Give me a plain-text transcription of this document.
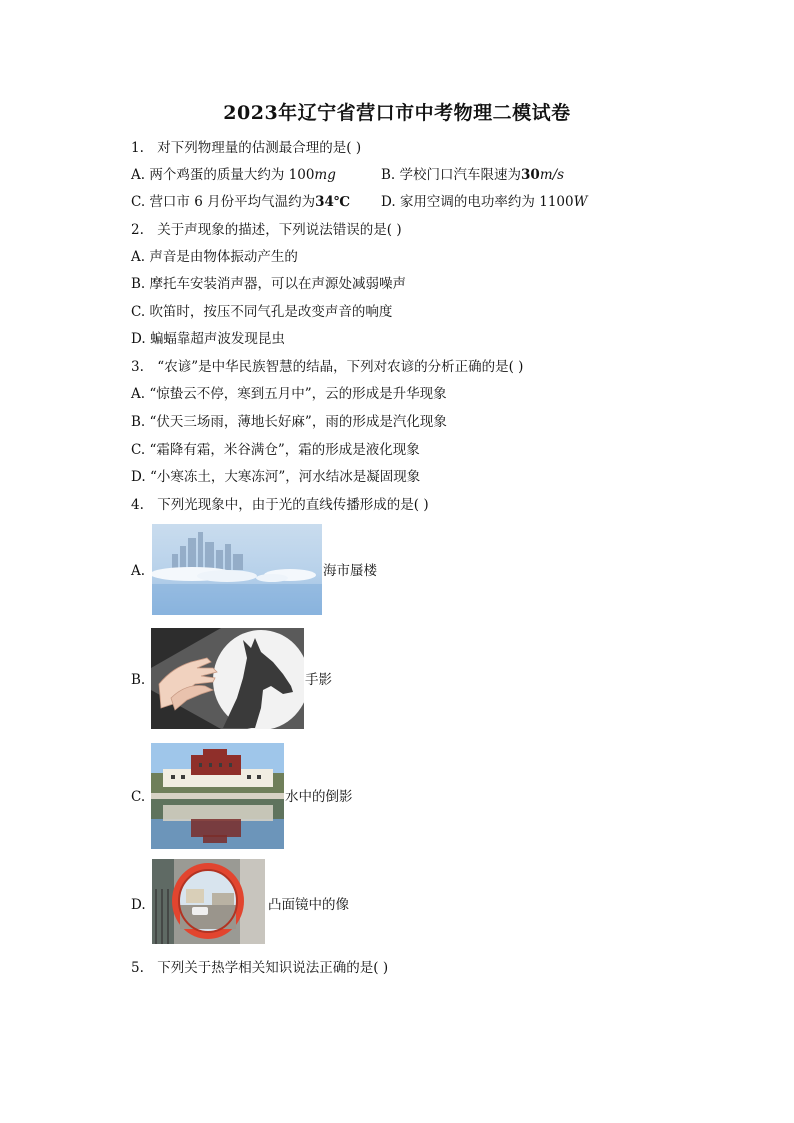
2023年辽宁省营口市中考物理二模试卷
1. 对下列物理量的估测最合理的是( )
A. 两个鸡蛋的质量大约为 100mg	B. 学校门口汽车限速为30m/s
C. 营口市 6 月份平均气温约为34℃ D. 家用空调的电功率约为 1100W
2. 关于声现象的描述，下列说法错误的是( )
A. 声音是由物体振动产生的
B. 摩托车安装消声器，可以在声源处减弱噪声
C. 吹笛时，按压不同气孔是改变声音的响度
D. 蝙蝠靠超声波发现昆虫
3. “农谚”是中华民族智慧的结晶，下列对农谚的分析正确的是( )
A. “惊蛰云不停，寒到五月中”，云的形成是升华现象
B. “伏天三场雨，薄地长好麻”，雨的形成是汽化现象
C. “霜降有霜，米谷满仓”，霜的形成是液化现象
D. “小寒冻土，大寒冻河”，河水结冰是凝固现象
4. 下列光现象中，由于光的直线传播形成的是( )
A.	海市蜃楼
B.	手影
C.	水中的倒影
D.	凸面镜中的像
5. 下列关于热学相关知识说法正确的是( )
